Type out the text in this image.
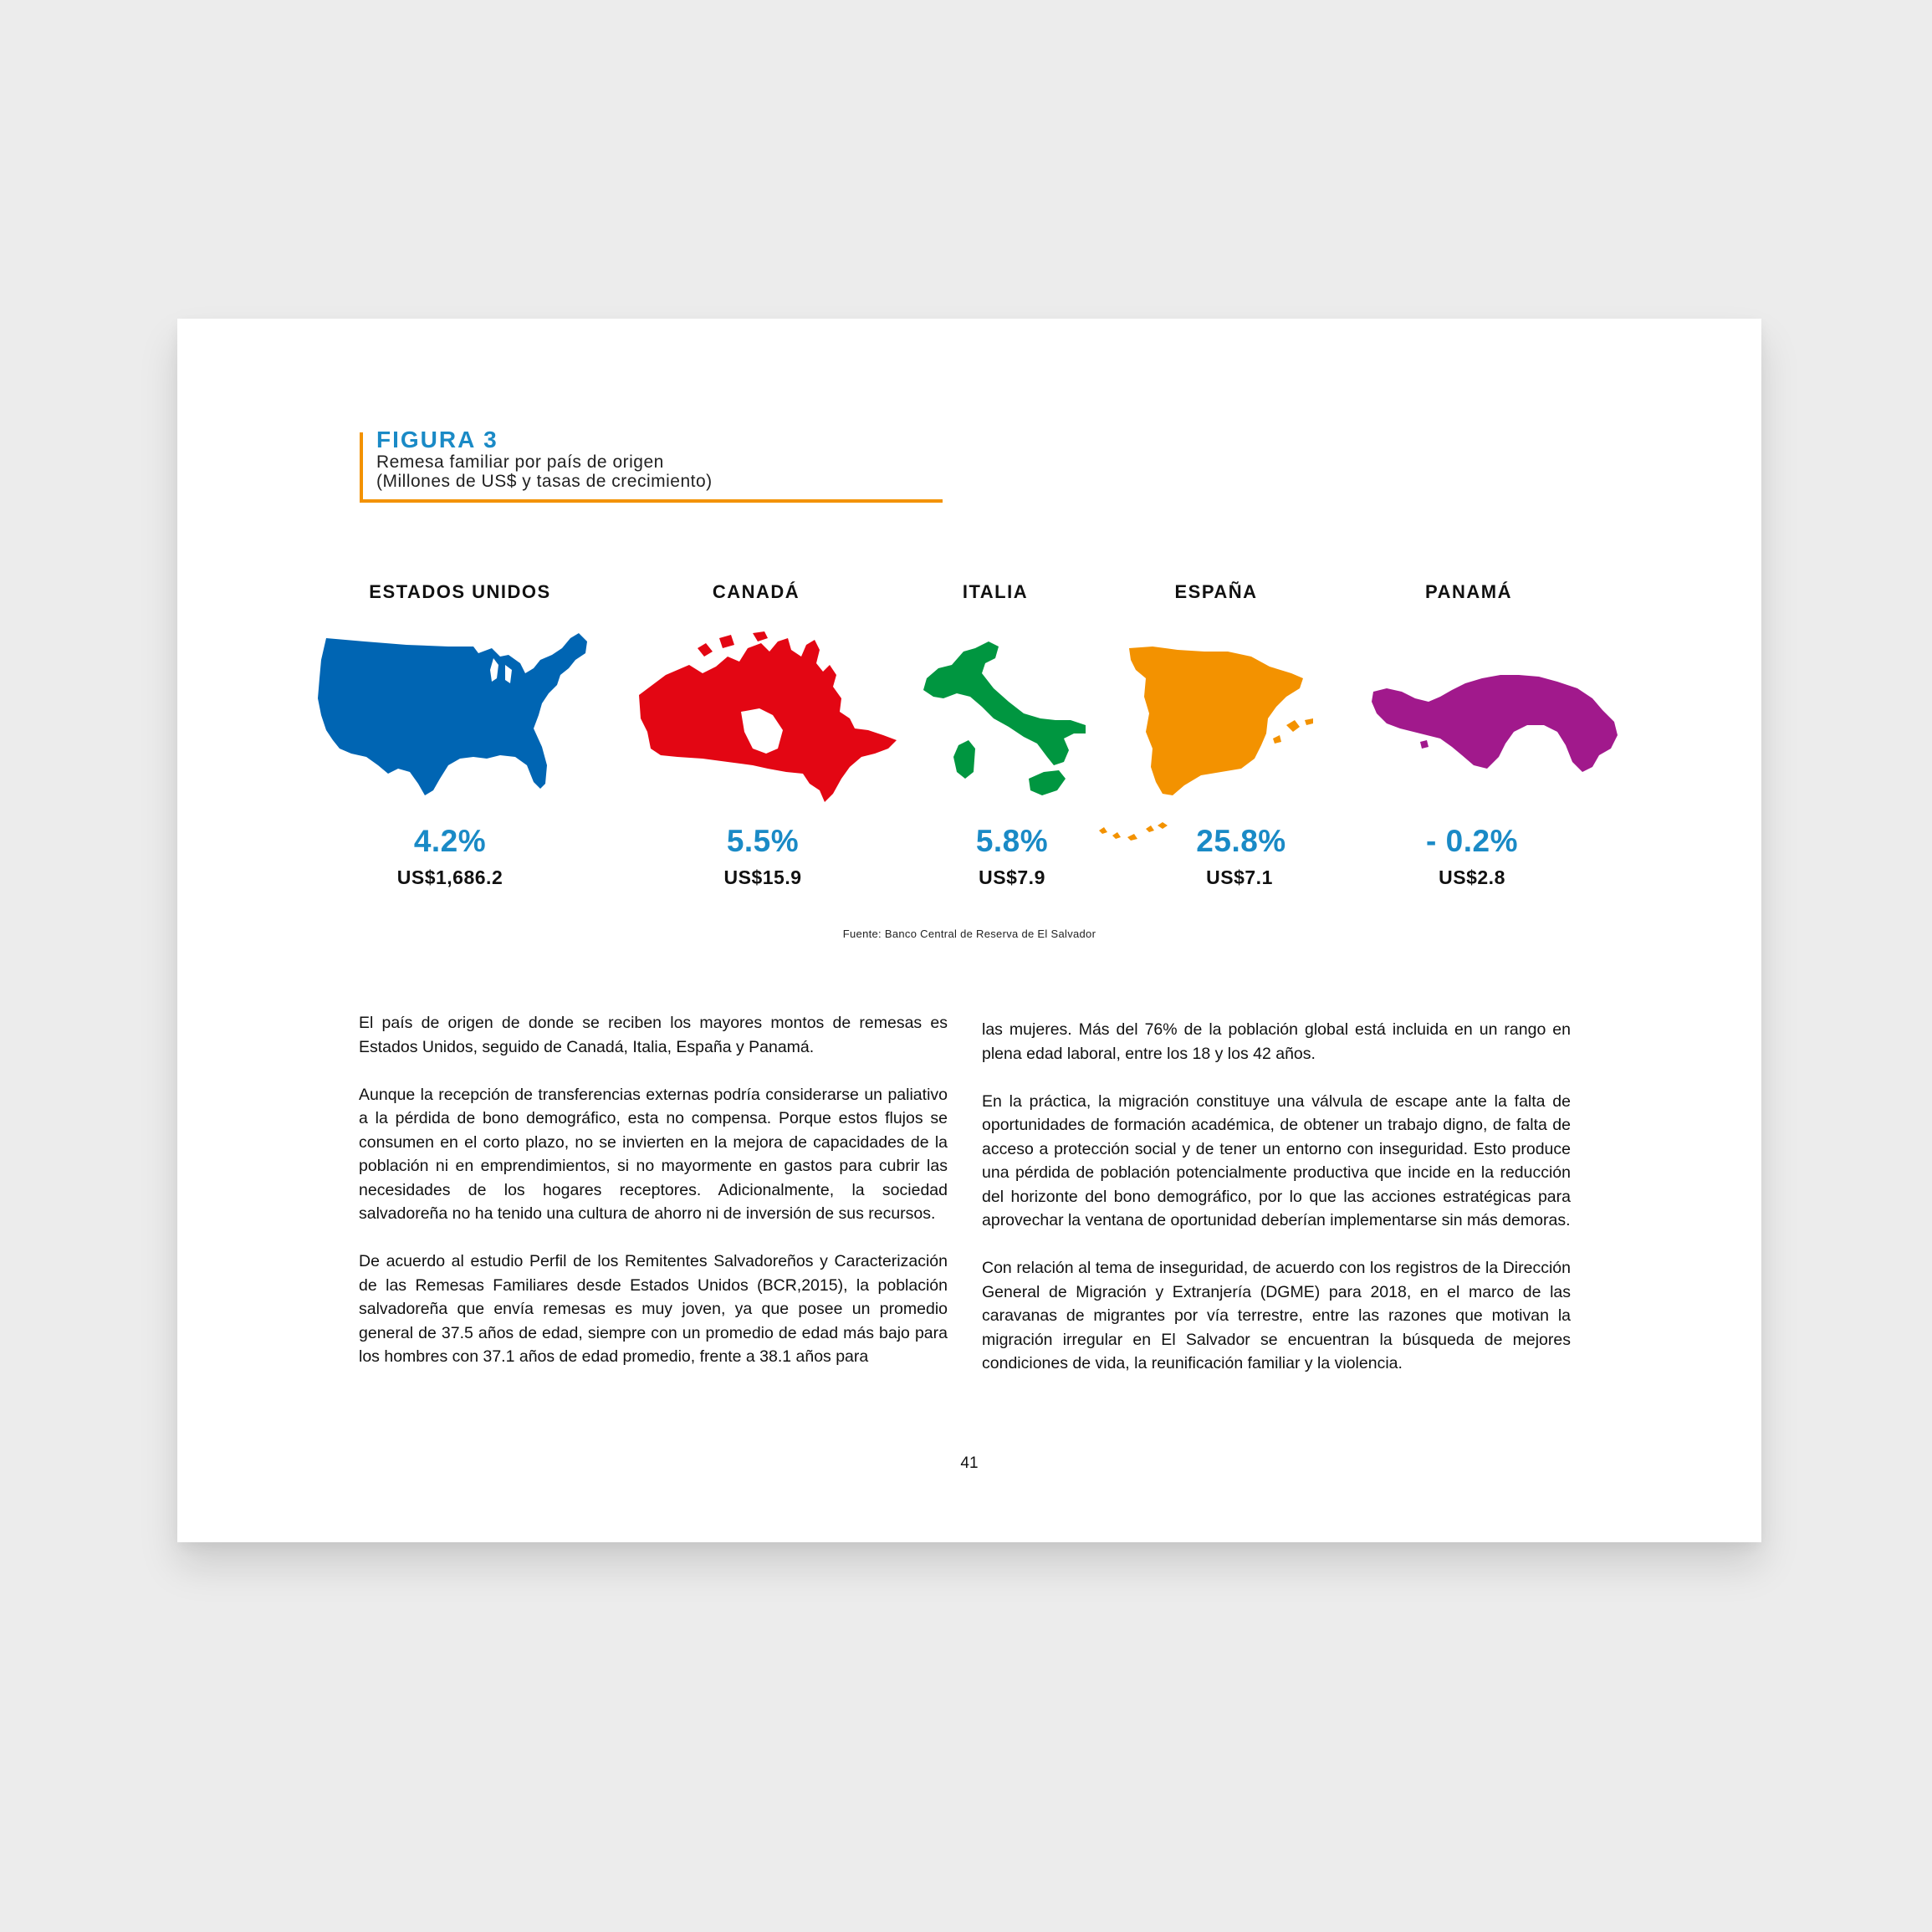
FIGURA 3
Remesa familiar por país de origen
(Millones de US$ y tasas de crecimiento)
ESTADOS UNIDOS	CANADÁ	ITALIA	ESPAÑA	PANAMÁ
4.2%	5.5%	5.8%	25.8%	- 0.2%
US$1,686.2	US$15.9	US$7.9	US$7.1	US$2.8
Fuente: Banco Central de Reserva de El Salvador

El país de origen de donde se reciben los mayores montos de remesas es Estados Unidos, seguido de Canadá, Italia, España y Panamá.

Aunque la recepción de transferencias externas podría considerarse un paliativo a la pérdida de bono demográfico, esta no compensa. Porque estos flujos se consumen en el corto plazo, no se invierten en la mejora de capacidades de la población ni en emprendimientos, si no mayormente en gastos para cubrir las necesidades de los hogares receptores. Adicionalmente, la sociedad salvadoreña no ha tenido una cultura de ahorro ni de inversión de sus recursos.

De acuerdo al estudio Perfil de los Remitentes Salvadoreños y Caracterización de las Remesas Familiares desde Estados Unidos (BCR,2015), la población salvadoreña que envía remesas es muy joven, ya que posee un promedio general de 37.5 años de edad, siempre con un promedio de edad más bajo para los hombres con 37.1 años de edad promedio, frente a 38.1 años para

las mujeres. Más del 76% de la población global está incluida en un rango en plena edad laboral, entre los 18 y los 42 años.

En la práctica, la migración constituye una válvula de escape ante la falta de oportunidades de formación académica, de obtener un trabajo digno, de falta de acceso a protección social y de tener un entorno con inseguridad. Esto produce una pérdida de población potencialmente productiva que incide en la reducción del horizonte del bono demográfico, por lo que las acciones estratégicas para aprovechar la ventana de oportunidad deberían implementarse sin más demoras.

Con relación al tema de inseguridad, de acuerdo con los registros de la Dirección General de Migración y Extranjería (DGME) para 2018, en el marco de las caravanas de migrantes por vía terrestre, entre las razones que motivan la migración irregular en El Salvador se encuentran la búsqueda de mejores condiciones de vida, la reunificación familiar y la violencia.

41
